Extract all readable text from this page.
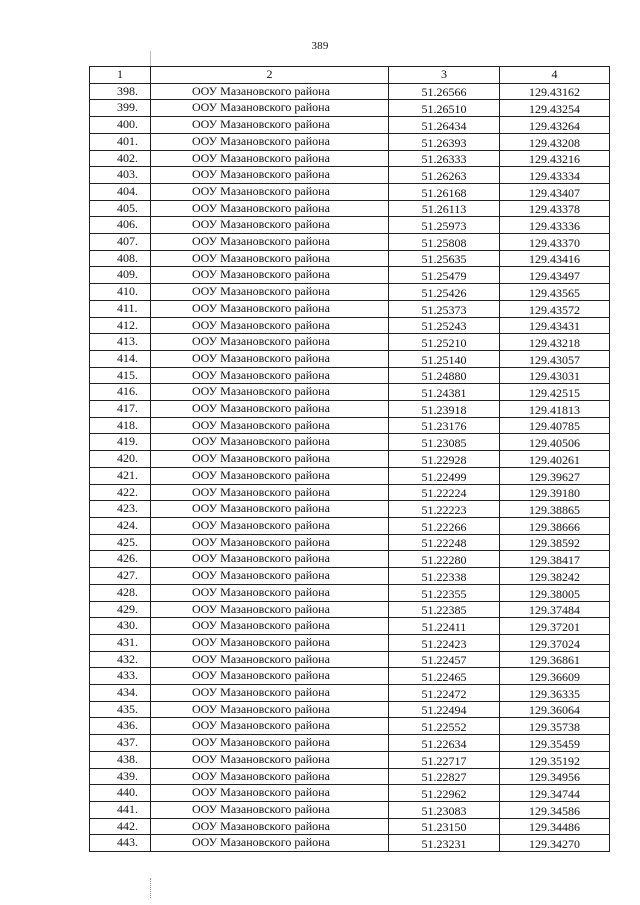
389
1	2	3	4
398.	ООУ Мазановского района	51.26566	129.43162
399.	ООУ Мазановского района	51.26510	129.43254
400.	ООУ Мазановского района	51.26434	129.43264
401.	ООУ Мазановского района	51.26393	129.43208
402.	ООУ Мазановского района	51.26333	129.43216
403.	ООУ Мазановского района	51.26263	129.43334
404.	ООУ Мазановского района	51.26168	129.43407
405.	ООУ Мазановского района	51.26113	129.43378
406.	ООУ Мазановского района	51.25973	129.43336
407.	ООУ Мазановского района	51.25808	129.43370
408.	ООУ Мазановского района	51.25635	129.43416
409.	ООУ Мазановского района	51.25479	129.43497
410.	ООУ Мазановского района	51.25426	129.43565
411.	ООУ Мазановского района	51.25373	129.43572
412.	ООУ Мазановского района	51.25243	129.43431
413.	ООУ Мазановского района	51.25210	129.43218
414.	ООУ Мазановского района	51.25140	129.43057
415.	ООУ Мазановского района	51.24880	129.43031
416.	ООУ Мазановского района	51.24381	129.42515
417.	ООУ Мазановского района	51.23918	129.41813
418.	ООУ Мазановского района	51.23176	129.40785
419.	ООУ Мазановского района	51.23085	129.40506
420.	ООУ Мазановского района	51.22928	129.40261
421.	ООУ Мазановского района	51.22499	129.39627
422.	ООУ Мазановского района	51.22224	129.39180
423.	ООУ Мазановского района	51.22223	129.38865
424.	ООУ Мазановского района	51.22266	129.38666
425.	ООУ Мазановского района	51.22248	129.38592
426.	ООУ Мазановского района	51.22280	129.38417
427.	ООУ Мазановского района	51.22338	129.38242
428.	ООУ Мазановского района	51.22355	129.38005
429.	ООУ Мазановского района	51.22385	129.37484
430.	ООУ Мазановского района	51.22411	129.37201
431.	ООУ Мазановского района	51.22423	129.37024
432.	ООУ Мазановского района	51.22457	129.36861
433.	ООУ Мазановского района	51.22465	129.36609
434.	ООУ Мазановского района	51.22472	129.36335
435.	ООУ Мазановского района	51.22494	129.36064
436.	ООУ Мазановского района	51.22552	129.35738
437.	ООУ Мазановского района	51.22634	129.35459
438.	ООУ Мазановского района	51.22717	129.35192
439.	ООУ Мазановского района	51.22827	129.34956
440.	ООУ Мазановского района	51.22962	129.34744
441.	ООУ Мазановского района	51.23083	129.34586
442.	ООУ Мазановского района	51.23150	129.34486
443.	ООУ Мазановского района	51.23231	129.34270
